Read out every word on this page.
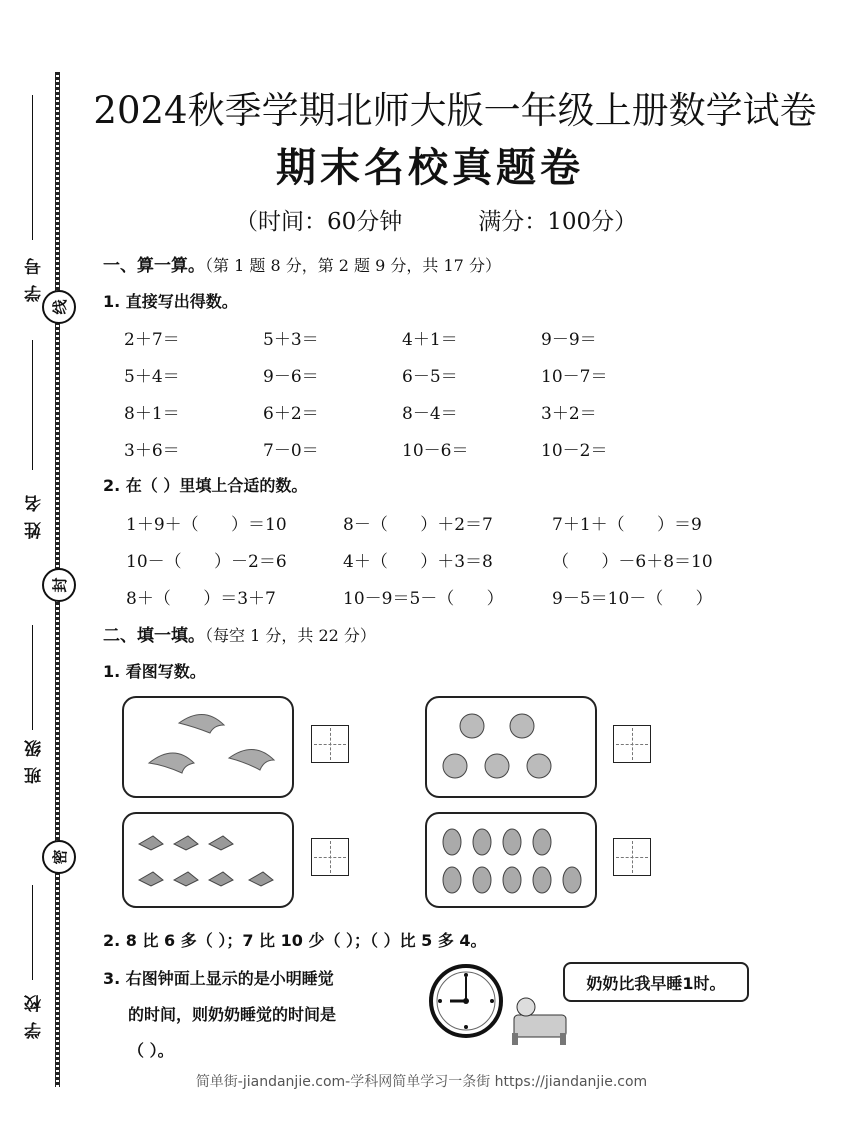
学号
线
姓名
封
班级
密
学校
2024秋季学期北师大版一年级上册数学试卷
期末名校真题卷
（时间：60分钟	满分：100分）
一、算一算。（第 1 题 8 分，第 2 题 9 分，共 17 分）
1. 直接写出得数。
2＋7＝	5＋3＝	4＋1＝	9－9＝
5＋4＝	9－6＝	6－5＝	10－7＝
8＋1＝	6＋2＝	8－4＝	3＋2＝
3＋6＝	7－0＝	10－6＝	10－2＝
2. 在（ ）里填上合适的数。
1＋9＋（      ）＝10	8－（      ）＋2＝7	7＋1＋（      ）＝9
10－（      ）－2＝6	4＋（      ）＋3＝8	（      ）－6＋8＝10
8＋（      ）＝3＋7	10－9＝5－（      ）	9－5＝10－（      ）
二、填一填。（每空 1 分，共 22 分）
1. 看图写数。
2. 8 比 6 多（ ）；7 比 10 少（ ）；（ ）比 5 多 4。
3. 右图钟面上显示的是小明睡觉
的时间，则奶奶睡觉的时间是
（ ）。
奶奶比我早睡1时。
简单街-jiandanjie.com-学科网简单学习一条街 https://jiandanjie.com
